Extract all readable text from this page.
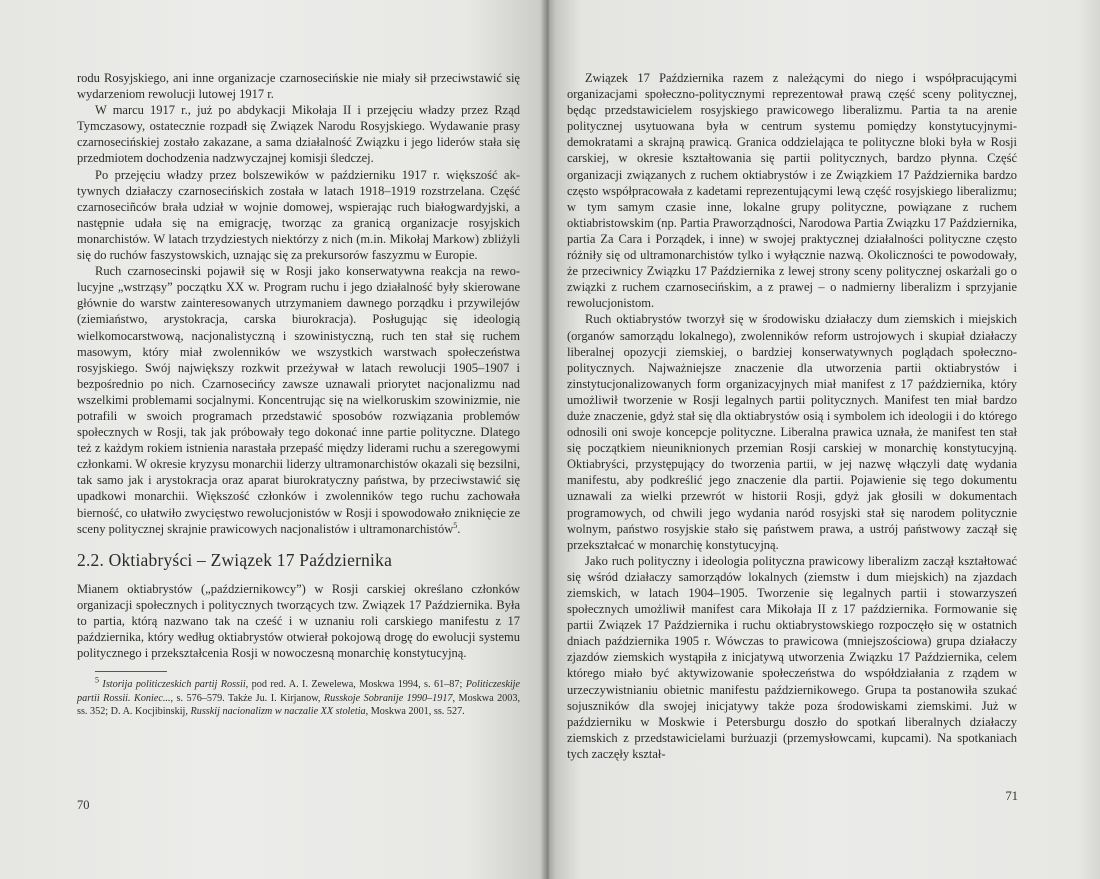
rodu Rosyjskiego, ani inne organizacje czarnosecińskie nie miały sił przeciwstawić się wydarzeniom rewolucji lutowej 1917 r.

W marcu 1917 r., już po abdykacji Mikołaja II i przejęciu władzy przez Rząd Tymczasowy, ostatecznie rozpadł się Związek Narodu Rosyjskiego. Wydawanie prasy czarnosecińskiej zostało zakazane, a sama działalność Związku i jego liderów stała się przedmiotem dochodzenia nadzwyczajnej komisji śledczej.

Po przejęciu władzy przez bolszewików w październiku 1917 r. większość aktywnych działaczy czarnosecińskich została w latach 1918–1919 rozstrzelana. Część czarnoseciñców brała udział w wojnie domowej, wspierając ruch białogwardyjski, a następnie udała się na emigrację, tworząc za granicą organizacje rosyjskich monarchistów. W latach trzydziestych niektórzy z nich (m.in. Mikołaj Markow) zbliżyli się do ruchów faszystowskich, uznając się za prekursorów faszyzmu w Europie.

Ruch czarnosecinski pojawił się w Rosji jako konserwatywna reakcja na rewolucyjne „wstrząsy” początku XX w. Program ruchu i jego działalność były skierowane głównie do warstw zainteresowanych utrzymaniem dawnego porządku i przywilejów (ziemiaństwo, arystokracja, carska biurokracja). Posługując się ideologią wielkomocarstwową, nacjonalistyczną i szowinistyczną, ruch ten stał się ruchem masowym, który miał zwolenników we wszystkich warstwach społeczeństwa rosyjskiego. Swój największy rozkwit przeżywał w latach rewolucji 1905–1907 i bezpośrednio po nich. Czarnosecińcy zawsze uznawali priorytet nacjonalizmu nad wszelkimi problemami socjalnymi. Koncentrując się na wielkoruskim szowinizmie, nie potrafili w swoich programach przedstawić sposobów rozwiązania problemów społecznych w Rosji, tak jak próbowały tego dokonać inne partie polityczne. Dlatego też z każdym rokiem istnienia narastała przepaść między liderami ruchu a szeregowymi członkami. W okresie kryzysu monarchii liderzy ultramonarchistów okazali się bezsilni, tak samo jak i arystokracja oraz aparat biurokratyczny państwa, by przeciwstawić się upadkowi monarchii. Większość członków i zwolenników tego ruchu zachowała bierność, co ułatwiło zwycięstwo rewolucjonistów w Rosji i spowodowało zniknięcie ze sceny politycznej skrajnie prawicowych nacjonalistów i ultramonarchistów$^5$.

2.2. Oktiabryści – Związek 17 Października

Mianem oktiabrystów („październikowcy”) w Rosji carskiej określano członków organizacji społecznych i politycznych tworzących tzw. Związek 17 Października. Była to partia, którą nazwano tak na cześć i w uznaniu roli carskiego manifestu z 17 października, który według oktiabrystów otwierał pokojową drogę do ewolucji systemu politycznego i przekształcenia Rosji w nowoczesną monarchię konstytucyjną.

$^5$ Istorija politiczeskich partij Rossii, pod red. A. I. Zewelewa, Moskwa 1994, s. 61–87; Politiczeskije partii Rossii. Koniec..., s. 576–579. Także Ju. I. Kirjanow, Russkoje Sobranije 1990–1917, Moskwa 2003, ss. 352; D. A. Kocjibinskij, Russkij nacionalizm w naczalie XX stoletia, Moskwa 2001, ss. 527.

70

Związek 17 Października razem z należącymi do niego i współpracującymi organizacjami społeczno-politycznymi reprezentował prawą część sceny politycznej, będąc przedstawicielem rosyjskiego prawicowego liberalizmu. Partia ta na arenie politycznej usytuowana była w centrum systemu pomiędzy konstytucyjnymi-demokratami a skrajną prawicą. Granica oddzielająca te polityczne bloki była w Rosji carskiej, w okresie kształtowania się partii politycznych, bardzo płynna. Część organizacji związanych z ruchem oktiabrystów i ze Związkiem 17 Października bardzo często współpracowała z kadetami reprezentującymi lewą część rosyjskiego liberalizmu; w tym samym czasie inne, lokalne grupy polityczne, powiązane z ruchem oktiabristowskim (np. Partia Praworządności, Narodowa Partia Związku 17 Października, partia Za Cara i Porządek, i inne) w swojej praktycznej działalności polityczne często różniły się od ultramonarchistów tylko i wyłącznie nazwą. Okoliczności te powodowały, że przeciwnicy Związku 17 Października z lewej strony sceny politycznej oskarżali go o związki z ruchem czarnosecińskim, a z prawej – o nadmierny liberalizm i sprzyjanie rewolucjonistom.

Ruch oktiabrystów tworzył się w środowisku działaczy dum ziemskich i miejskich (organów samorządu lokalnego), zwolenników reform ustrojowych i skupiał działaczy liberalnej opozycji ziemskiej, o bardziej konserwatywnych poglądach społeczno-politycznych. Najważniejsze znaczenie dla utworzenia partii oktiabrystów i zinstytucjonalizowanych form organizacyjnych miał manifest z 17 października, który umożliwił tworzenie w Rosji legalnych partii politycznych. Manifest ten miał bardzo duże znaczenie, gdyż stał się dla oktiabrystów osią i symbolem ich ideologii i do którego odnosili oni swoje koncepcje polityczne. Liberalna prawica uznała, że manifest ten stał się początkiem nieuniknionych przemian Rosji carskiej w monarchię konstytucyjną. Oktiabryści, przystępujący do tworzenia partii, w jej nazwę włączyli datę wydania manifestu, aby podkreślić jego znaczenie dla partii. Pojawienie się tego dokumentu uznawali za wielki przewrót w historii Rosji, gdyż jak głosili w dokumentach programowych, od chwili jego wydania naród rosyjski stał się narodem politycznie wolnym, państwo rosyjskie stało się państwem prawa, a ustrój państwowy zaczął się przekształcać w monarchię konstytucyjną.

Jako ruch polityczny i ideologia polityczna prawicowy liberalizm zaczął kształtować się wśród działaczy samorządów lokalnych (ziemstw i dum miejskich) na zjazdach ziemskich, w latach 1904–1905. Tworzenie się legalnych partii i stowarzyszeń społecznych umożliwił manifest cara Mikołaja II z 17 października. Formowanie się partii Związek 17 Października i ruchu oktiabrystowskiego rozpoczęło się w ostatnich dniach października 1905 r. Wówczas to prawicowa (mniejszościowa) grupa działaczy zjazdów ziemskich wystąpiła z inicjatywą utworzenia Związku 17 Października, celem którego miało być aktywizowanie społeczeństwa do współdziałania z rządem w urzeczywistnianiu obietnic manifestu październikowego. Grupa ta postanowiła szukać sojuszników dla swojej inicjatywy także poza środowiskami ziemskimi. Już w październiku w Moskwie i Petersburgu doszło do spotkań liberalnych działaczy ziemskich z przedstawicielami burżuazji (przemysłowcami, kupcami). Na spotkaniach tych zaczęły kształ-

71
